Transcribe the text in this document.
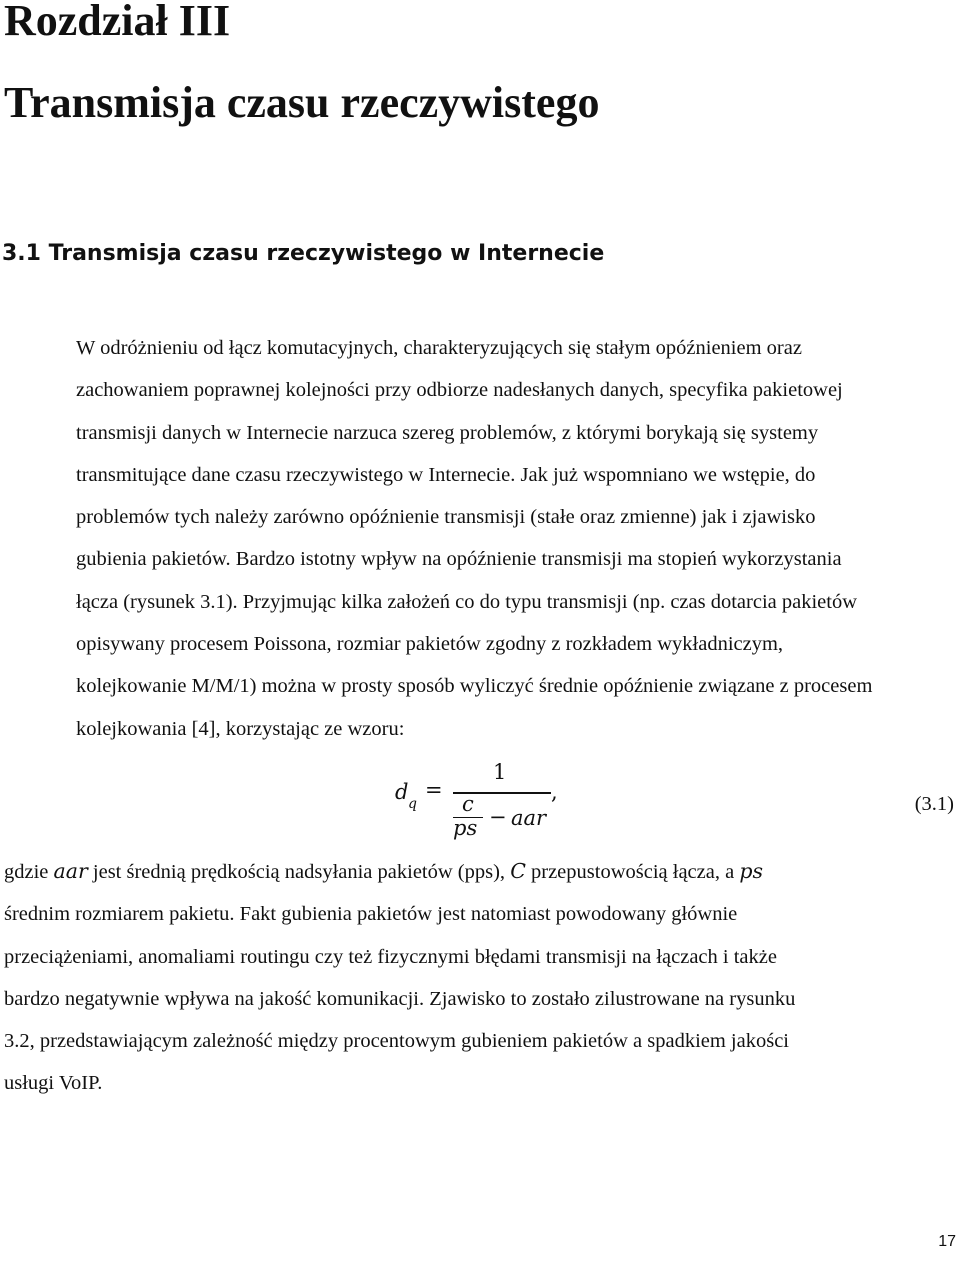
Rozdział III
Transmisja czasu rzeczywistego
3.1 Transmisja czasu rzeczywistego w Internecie
W odróżnieniu od łącz komutacyjnych, charakteryzujących się stałym opóźnieniem oraz
zachowaniem poprawnej kolejności przy odbiorze nadesłanych danych, specyfika pakietowej
transmisji danych w Internecie narzuca szereg problemów, z którymi borykają się systemy
transmitujące dane czasu rzeczywistego w Internecie. Jak już wspomniano we wstępie, do
problemów tych należy zarówno opóźnienie transmisji (stałe oraz zmienne) jak i zjawisko
gubienia pakietów. Bardzo istotny wpływ na opóźnienie transmisji ma stopień wykorzystania
łącza (rysunek 3.1). Przyjmując kilka założeń co do typu transmisji (np. czas dotarcia pakietów
opisywany procesem Poissona, rozmiar pakietów zgodny z rozkładem wykładniczym,
kolejkowanie M/M/1) można w prosty sposób wyliczyć średnie opóźnienie związane z procesem
kolejkowania [4], korzystając ze wzoru:
d q
=
1
c
ps − aar
,	(3.1)
gdzie aar jest średnią prędkością nadsyłania pakietów (pps), C przepustowością łącza, a ps
średnim rozmiarem pakietu. Fakt gubienia pakietów jest natomiast powodowany głównie
przeciążeniami, anomaliami routingu czy też fizycznymi błędami transmisji na łączach i także
bardzo negatywnie wpływa na jakość komunikacji. Zjawisko to zostało zilustrowane na rysunku
3.2, przedstawiającym zależność między procentowym gubieniem pakietów a spadkiem jakości
usługi VoIP.
17
